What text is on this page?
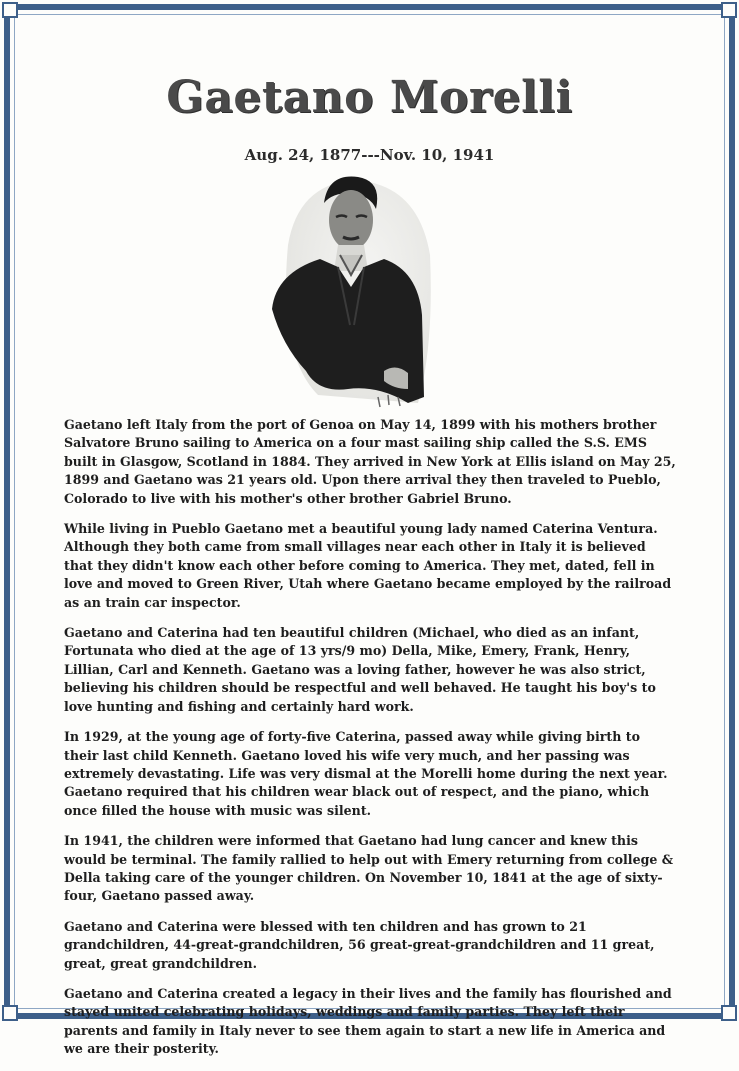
Gaetano Morelli
Aug. 24, 1877---Nov. 10, 1941

Gaetano left Italy from the port of Genoa on May 14, 1899 with his mothers brother Salvatore Bruno sailing to America on a four mast sailing ship called the S.S. EMS built in Glasgow, Scotland in 1884. They arrived in New York at Ellis island on May 25, 1899 and Gaetano was 21 years old. Upon there arrival they then traveled to Pueblo, Colorado to live with his mother's other brother Gabriel Bruno.

While living in Pueblo Gaetano met a beautiful young lady named Caterina Ventura. Although they both came from small villages near each other in Italy it is believed that they didn't know each other before coming to America. They met, dated, fell in love and moved to Green River, Utah where Gaetano became employed by the railroad as an train car inspector.

Gaetano and Caterina had ten beautiful children (Michael, who died as an infant, Fortunata who died at the age of 13 yrs/9 mo) Della, Mike, Emery, Frank, Henry, Lillian, Carl and Kenneth. Gaetano was a loving father, however he was also strict, believing his children should be respectful and well behaved. He taught his boy's to love hunting and fishing and certainly hard work.

In 1929, at the young age of forty-five Caterina, passed away while giving birth to their last child Kenneth. Gaetano loved his wife very much, and her passing was extremely devastating. Life was very dismal at the Morelli home during the next year. Gaetano required that his children wear black out of respect, and the piano, which once filled the house with music was silent.

In 1941, the children were informed that Gaetano had lung cancer and knew this would be terminal. The family rallied to help out with Emery returning from college & Della taking care of the younger children. On November 10, 1841 at the age of sixty-four, Gaetano passed away.

Gaetano and Caterina were blessed with ten children and has grown to 21 grandchildren, 44-great-grandchildren, 56 great-great-grandchildren and 11 great, great, great grandchildren.

Gaetano and Caterina created a legacy in their lives and the family has flourished and stayed united celebrating holidays, weddings and family parties. They left their parents and family in Italy never to see them again to start a new life in America and we are their posterity.
